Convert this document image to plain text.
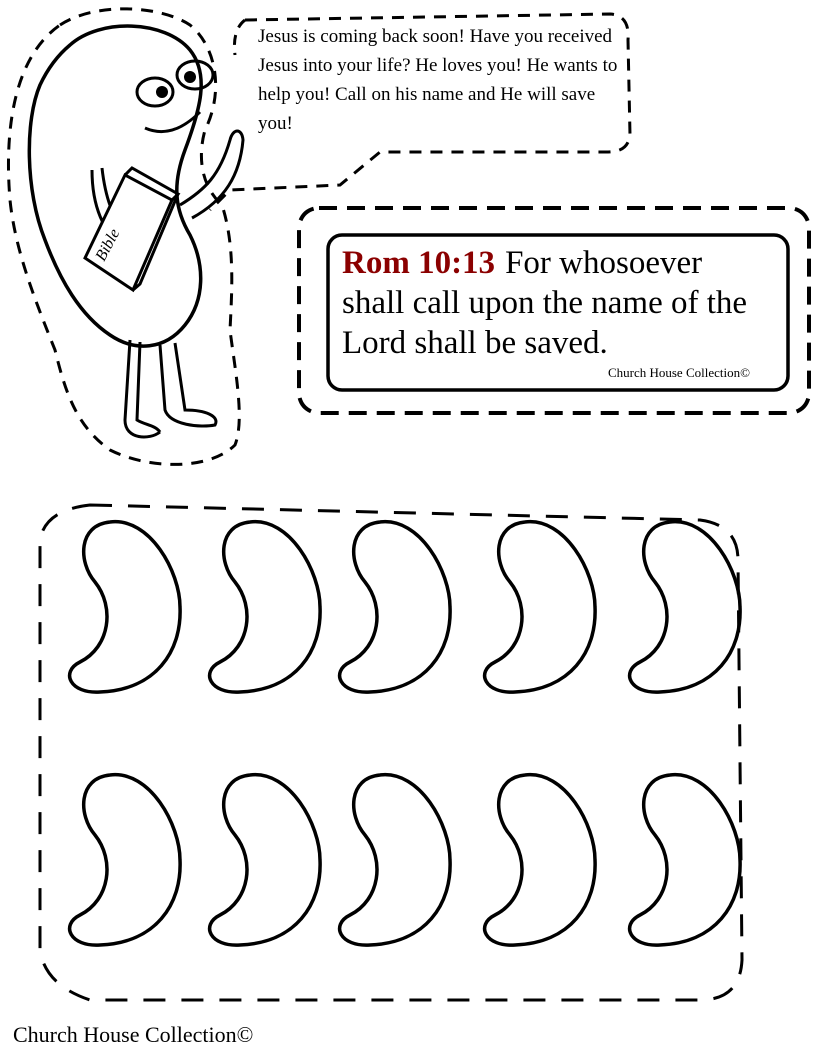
Bible

Jesus is coming back soon! Have you received Jesus into your life? He loves you! He wants to help you! Call on his name and He will save you!

Rom 10:13 For whosoever shall call upon the name of the Lord shall be saved.

Church House Collection©

Church House Collection©
